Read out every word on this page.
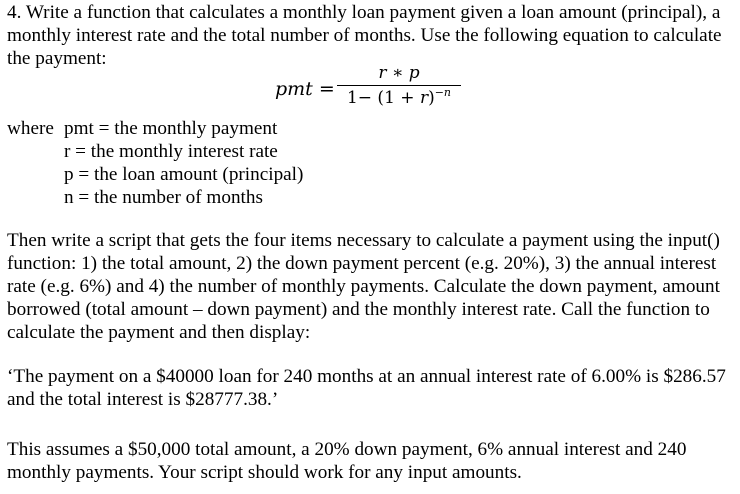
4. Write a function that calculates a monthly loan payment given a loan amount (principal), a monthly interest rate and the total number of months. Use the following equation to calculate the payment:

pmt =
r ∗ p
$1- (1 + r)^{-n}$
where pmt = the monthly payment
r = the monthly interest rate
p = the loan amount (principal)
n = the number of months

Then write a script that gets the four items necessary to calculate a payment using the input() function: 1) the total amount, 2) the down payment percent (e.g. 20%), 3) the annual interest rate (e.g. 6%) and 4) the number of monthly payments. Calculate the down payment, amount borrowed (total amount – down payment) and the monthly interest rate. Call the function to calculate the payment and then display:

‘The payment on a $40000 loan for 240 months at an annual interest rate of 6.00% is $286.57 and the total interest is $28777.38.’

This assumes a $50,000 total amount, a 20% down payment, 6% annual interest and 240 monthly payments. Your script should work for any input amounts.
